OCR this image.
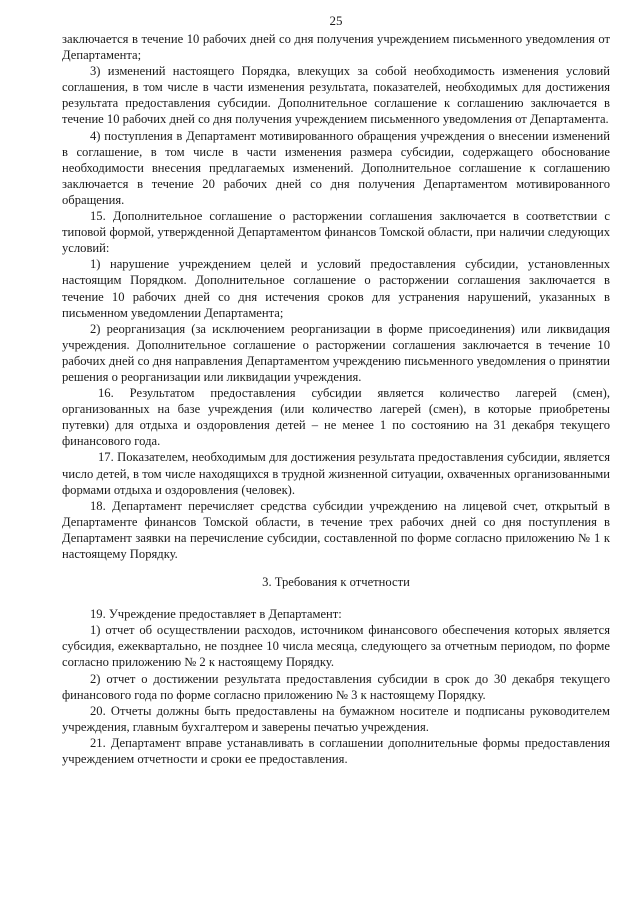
25

заключается в течение 10 рабочих дней со дня получения учреждением письменного уведомления от Департамента;

3) изменений настоящего Порядка, влекущих за собой необходимость изменения условий соглашения, в том числе в части изменения результата, показателей, необходимых для достижения результата предоставления субсидии. Дополнительное соглашение к соглашению заключается в течение 10 рабочих дней со дня получения учреждением письменного уведомления от Департамента.

4) поступления в Департамент мотивированного обращения учреждения о внесении изменений в соглашение, в том числе в части изменения размера субсидии, содержащего обоснование необходимости внесения предлагаемых изменений. Дополнительное соглашение к соглашению заключается в течение 20 рабочих дней со дня получения Департаментом мотивированного обращения.

15. Дополнительное соглашение о расторжении соглашения заключается в соответствии с типовой формой, утвержденной Департаментом финансов Томской области, при наличии следующих условий:

1) нарушение учреждением целей и условий предоставления субсидии, установленных настоящим Порядком. Дополнительное соглашение о расторжении соглашения заключается в течение 10 рабочих дней со дня истечения сроков для устранения нарушений, указанных в письменном уведомлении Департамента;

2) реорганизация (за исключением реорганизации в форме присоединения) или ликвидация учреждения. Дополнительное соглашение о расторжении соглашения заключается в течение 10 рабочих дней со дня направления Департаментом учреждению письменного уведомления о принятии решения о реорганизации или ликвидации учреждения.

16. Результатом предоставления субсидии является количество лагерей (смен), организованных на базе учреждения (или количество лагерей (смен), в которые приобретены путевки) для отдыха и оздоровления детей – не менее 1 по состоянию на 31 декабря текущего финансового года.

17. Показателем, необходимым для достижения результата предоставления субсидии, является число детей, в том числе находящихся в трудной жизненной ситуации, охваченных организованными формами отдыха и оздоровления (человек).

18. Департамент перечисляет средства субсидии учреждению на лицевой счет, открытый в Департаменте финансов Томской области, в течение трех рабочих дней со дня поступления в Департамент заявки на перечисление субсидии, составленной по форме согласно приложению № 1 к настоящему Порядку.

3. Требования к отчетности

19. Учреждение предоставляет в Департамент:

1) отчет об осуществлении расходов, источником финансового обеспечения которых является субсидия, ежеквартально, не позднее 10 числа месяца, следующего за отчетным периодом, по форме согласно приложению № 2 к настоящему Порядку.

2) отчет о достижении результата предоставления субсидии в срок до 30 декабря текущего финансового года по форме согласно приложению № 3 к настоящему Порядку.

20. Отчеты должны быть предоставлены на бумажном носителе и подписаны руководителем учреждения, главным бухгалтером и заверены печатью учреждения.

21. Департамент вправе устанавливать в соглашении дополнительные формы предоставления учреждением отчетности и сроки ее предоставления.
